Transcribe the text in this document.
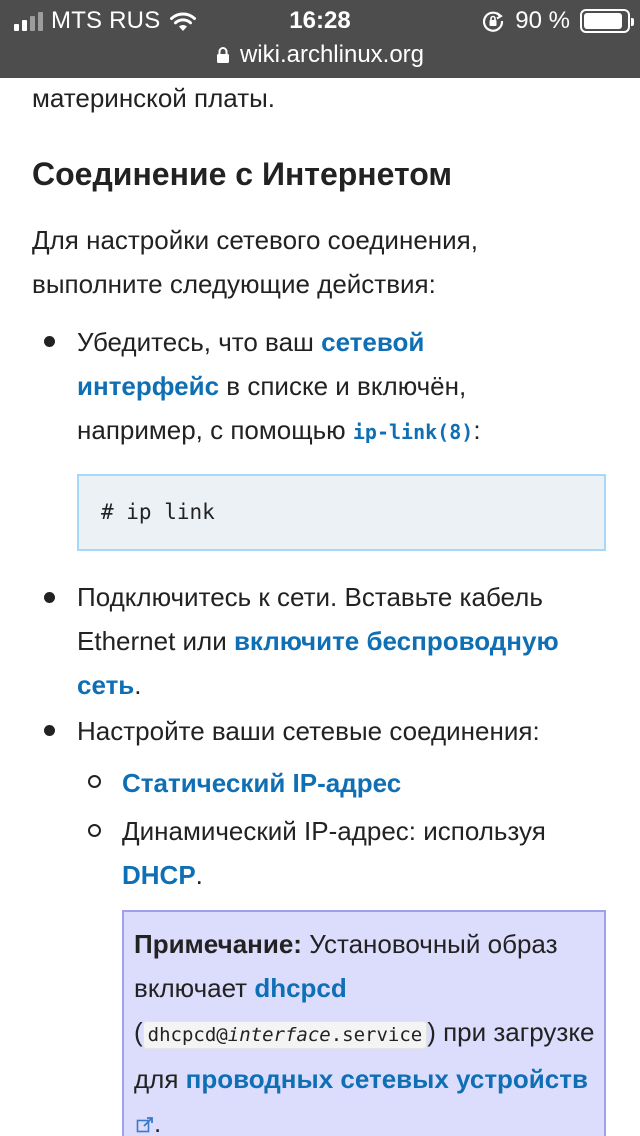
MTS RUS	16:28	90 %
wiki.archlinux.org
материнской платы.
Соединение с Интернетом
Для настройки сетевого соединения, выполните следующие действия:
Убедитесь, что ваш сетевой интерфейс в списке и включён, например, с помощью ip-link(8):
# ip link
Подключитесь к сети. Вставьте кабель Ethernet или включите беспроводную сеть.
Настройте ваши сетевые соединения:
Статический IP-адрес
Динамический IP-адрес: используя DHCP.
Примечание: Установочный образ включает dhcpcd ( dhcpcd@interface.service ) при загрузке для проводных сетевых устройств.
